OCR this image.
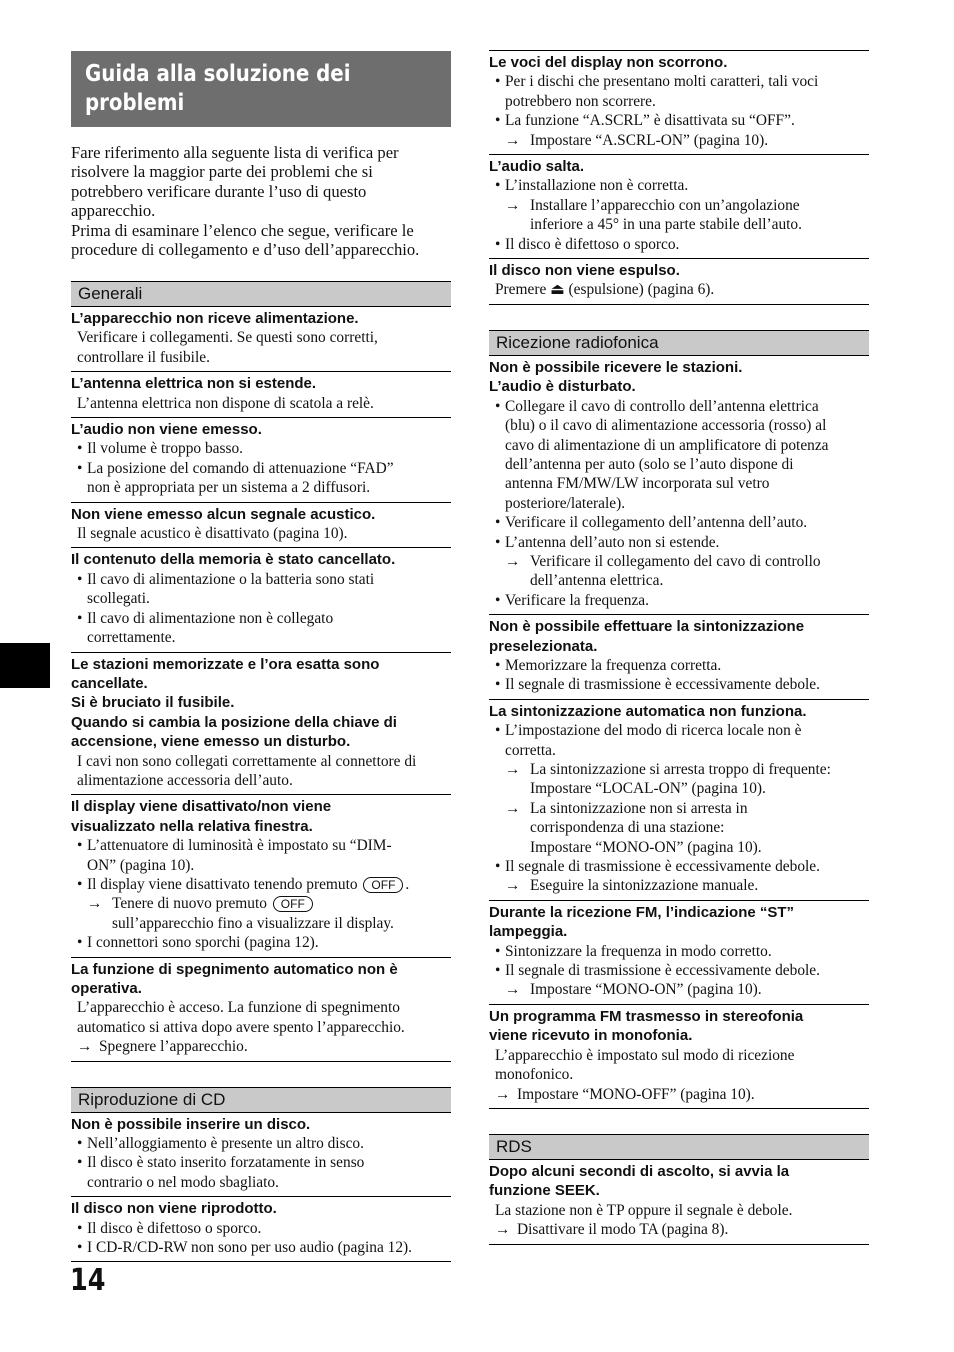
Guida alla soluzione dei
problemi
Fare riferimento alla seguente lista di verifica per
risolvere la maggior parte dei problemi che si
potrebbero verificare durante l’uso di questo
apparecchio.
Prima di esaminare l’elenco che segue, verificare le
procedure di collegamento e d’uso dell’apparecchio.
Generali
L’apparecchio non riceve alimentazione.
Verificare i collegamenti. Se questi sono corretti,
controllare il fusibile.
L’antenna elettrica non si estende.
L’antenna elettrica non dispone di scatola a relè.
L’audio non viene emesso.
• Il volume è troppo basso.
• La posizione del comando di attenuazione “FAD”
non è appropriata per un sistema a 2 diffusori.
Non viene emesso alcun segnale acustico.
Il segnale acustico è disattivato (pagina 10).
Il contenuto della memoria è stato cancellato.
• Il cavo di alimentazione o la batteria sono stati
scollegati.
• Il cavo di alimentazione non è collegato
correttamente.
Le stazioni memorizzate e l’ora esatta sono
cancellate.
Si è bruciato il fusibile.
Quando si cambia la posizione della chiave di
accensione, viene emesso un disturbo.
I cavi non sono collegati correttamente al connettore di
alimentazione accessoria dell’auto.
Il display viene disattivato/non viene
visualizzato nella relativa finestra.
• L’attenuatore di luminosità è impostato su “DIM-
ON” (pagina 10).
• Il display viene disattivato tenendo premuto OFF .
→ Tenere di nuovo premuto OFF
sull’apparecchio fino a visualizzare il display.
• I connettori sono sporchi (pagina 12).
La funzione di spegnimento automatico non è
operativa.
L’apparecchio è acceso. La funzione di spegnimento
automatico si attiva dopo avere spento l’apparecchio.
→ Spegnere l’apparecchio.
Riproduzione di CD
Non è possibile inserire un disco.
• Nell’alloggiamento è presente un altro disco.
• Il disco è stato inserito forzatamente in senso
contrario o nel modo sbagliato.
Il disco non viene riprodotto.
• Il disco è difettoso o sporco.
• I CD-R/CD-RW non sono per uso audio (pagina 12).
Le voci del display non scorrono.
• Per i dischi che presentano molti caratteri, tali voci
potrebbero non scorrere.
• La funzione “A.SCRL” è disattivata su “OFF”.
→ Impostare “A.SCRL-ON” (pagina 10).
L’audio salta.
• L’installazione non è corretta.
→ Installare l’apparecchio con un’angolazione
inferiore a 45° in una parte stabile dell’auto.
• Il disco è difettoso o sporco.
Il disco non viene espulso.
Premere ⏏ (espulsione) (pagina 6).
Ricezione radiofonica
Non è possibile ricevere le stazioni.
L’audio è disturbato.
• Collegare il cavo di controllo dell’antenna elettrica
(blu) o il cavo di alimentazione accessoria (rosso) al
cavo di alimentazione di un amplificatore di potenza
dell’antenna per auto (solo se l’auto dispone di
antenna FM/MW/LW incorporata sul vetro
posteriore/laterale).
• Verificare il collegamento dell’antenna dell’auto.
• L’antenna dell’auto non si estende.
→ Verificare il collegamento del cavo di controllo
dell’antenna elettrica.
• Verificare la frequenza.
Non è possibile effettuare la sintonizzazione
preselezionata.
• Memorizzare la frequenza corretta.
• Il segnale di trasmissione è eccessivamente debole.
La sintonizzazione automatica non funziona.
• L’impostazione del modo di ricerca locale non è
corretta.
→ La sintonizzazione si arresta troppo di frequente:
Impostare “LOCAL-ON” (pagina 10).
→ La sintonizzazione non si arresta in
corrispondenza di una stazione:
Impostare “MONO-ON” (pagina 10).
• Il segnale di trasmissione è eccessivamente debole.
→ Eseguire la sintonizzazione manuale.
Durante la ricezione FM, l’indicazione “ST”
lampeggia.
• Sintonizzare la frequenza in modo corretto.
• Il segnale di trasmissione è eccessivamente debole.
→ Impostare “MONO-ON” (pagina 10).
Un programma FM trasmesso in stereofonia
viene ricevuto in monofonia.
L’apparecchio è impostato sul modo di ricezione
monofonico.
→ Impostare “MONO-OFF” (pagina 10).
RDS
Dopo alcuni secondi di ascolto, si avvia la
funzione SEEK.
La stazione non è TP oppure il segnale è debole.
→ Disattivare il modo TA (pagina 8).
14
